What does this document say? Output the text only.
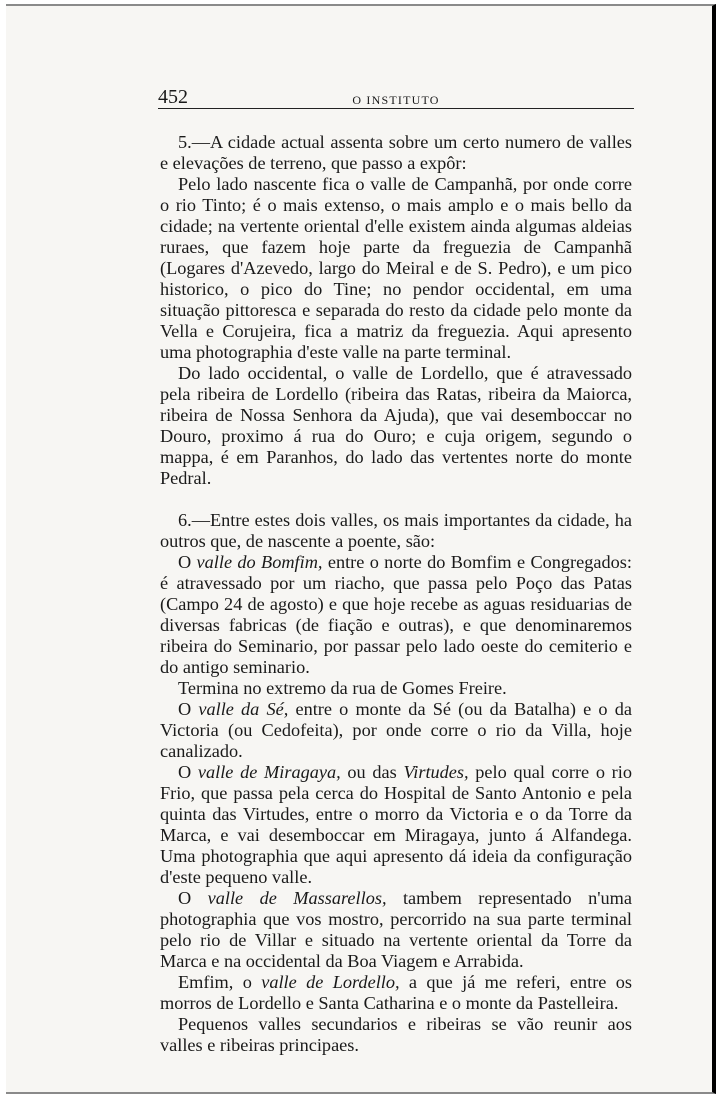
452	O INSTITUTO

5.—A cidade actual assenta sobre um certo numero de valles e elevações de terreno, que passo a expôr:

Pelo lado nascente fica o valle de Campanhã, por onde corre o rio Tinto; é o mais extenso, o mais amplo e o mais bello da cidade; na vertente oriental d'elle existem ainda algumas aldeias ruraes, que fazem hoje parte da freguezia de Campanhã (Logares d'Azevedo, largo do Meiral e de S. Pedro), e um pico historico, o pico do Tine; no pendor occidental, em uma situação pittoresca e separada do resto da cidade pelo monte da Vella e Corujeira, fica a matriz da freguezia. Aqui apresento uma photographia d'este valle na parte terminal.

Do lado occidental, o valle de Lordello, que é atravessado pela ribeira de Lordello (ribeira das Ratas, ribeira da Maiorca, ribeira de Nossa Senhora da Ajuda), que vai desemboccar no Douro, proximo á rua do Ouro; e cuja origem, segundo o mappa, é em Paranhos, do lado das vertentes norte do monte Pedral.

6.—Entre estes dois valles, os mais importantes da cidade, ha outros que, de nascente a poente, são:

O valle do Bomfim, entre o norte do Bomfim e Congregados: é atravessado por um riacho, que passa pelo Poço das Patas (Campo 24 de agosto) e que hoje recebe as aguas residuarias de diversas fabricas (de fiação e outras), e que denominaremos ribeira do Seminario, por passar pelo lado oeste do cemiterio e do antigo seminario.

Termina no extremo da rua de Gomes Freire.

O valle da Sé, entre o monte da Sé (ou da Batalha) e o da Victoria (ou Cedofeita), por onde corre o rio da Villa, hoje canalizado.

O valle de Miragaya, ou das Virtudes, pelo qual corre o rio Frio, que passa pela cerca do Hospital de Santo Antonio e pela quinta das Virtudes, entre o morro da Victoria e o da Torre da Marca, e vai desemboccar em Miragaya, junto á Alfandega. Uma photographia que aqui apresento dá ideia da configuração d'este pequeno valle.

O valle de Massarellos, tambem representado n'uma photographia que vos mostro, percorrido na sua parte terminal pelo rio de Villar e situado na vertente oriental da Torre da Marca e na occidental da Boa Viagem e Arrabida.

Emfim, o valle de Lordello, a que já me referi, entre os morros de Lordello e Santa Catharina e o monte da Pastelleira.

Pequenos valles secundarios e ribeiras se vão reunir aos valles e ribeiras principaes.
